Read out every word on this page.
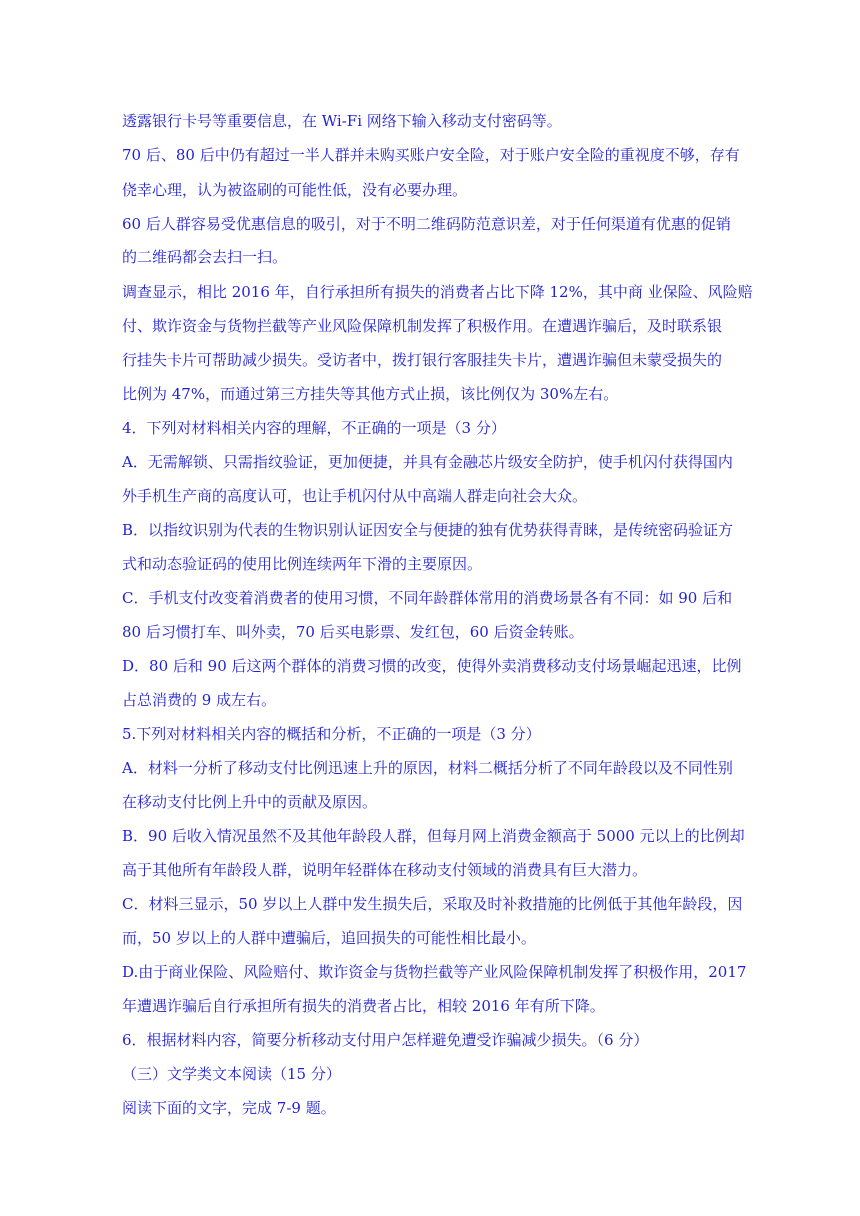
透露银行卡号等重要信息，在 Wi-Fi 网络下输入移动支付密码等。
70 后、80 后中仍有超过一半人群并未购买账户安全险，对于账户安全险的重视度不够，存有
侥幸心理，认为被盗刷的可能性低，没有必要办理。
60 后人群容易受优惠信息的吸引，对于不明二维码防范意识差，对于任何渠道有优惠的促销
的二维码都会去扫一扫。
调查显示，相比 2016 年，自行承担所有损失的消费者占比下降 12%，其中商 业保险、风险赔
付、欺诈资金与货物拦截等产业风险保障机制发挥了积极作用。在遭遇诈骗后，及时联系银
行挂失卡片可帮助减少损失。受访者中，拨打银行客服挂失卡片，遭遇诈骗但未蒙受损失的
比例为 47%，而通过第三方挂失等其他方式止损，该比例仅为 30%左右。
4．下列对材料相关内容的理解，不正确的一项是（3 分）
A．无需解锁、只需指纹验证，更加便捷，并具有金融芯片级安全防护，使手机闪付获得国内
外手机生产商的高度认可，也让手机闪付从中高端人群走向社会大众。
B．以指纹识别为代表的生物识别认证因安全与便捷的独有优势获得青睐，是传统密码验证方
式和动态验证码的使用比例连续两年下滑的主要原因。
C．手机支付改变着消费者的使用习惯，不同年龄群体常用的消费场景各有不同：如 90 后和
80 后习惯打车、叫外卖，70 后买电影票、发红包，60 后资金转账。
D．80 后和 90 后这两个群体的消费习惯的改变，使得外卖消费移动支付场景崛起迅速，比例
占总消费的 9 成左右。
5.下列对材料相关内容的概括和分析，不正确的一项是（3 分）
A．材料一分析了移动支付比例迅速上升的原因，材料二概括分析了不同年龄段以及不同性别
在移动支付比例上升中的贡献及原因。
B．90 后收入情况虽然不及其他年龄段人群，但每月网上消费金额高于 5000 元以上的比例却
高于其他所有年龄段人群，说明年轻群体在移动支付领域的消费具有巨大潜力。
C．材料三显示，50 岁以上人群中发生损失后，采取及时补救措施的比例低于其他年龄段，因
而，50 岁以上的人群中遭骗后，追回损失的可能性相比最小。
D.由于商业保险、风险赔付、欺诈资金与货物拦截等产业风险保障机制发挥了积极作用，2017
年遭遇诈骗后自行承担所有损失的消费者占比，相较 2016 年有所下降。
6．根据材料内容，简要分析移动支付用户怎样避免遭受诈骗减少损失。（6 分）
（三）文学类文本阅读（15 分）
阅读下面的文字，完成 7-9 题。
